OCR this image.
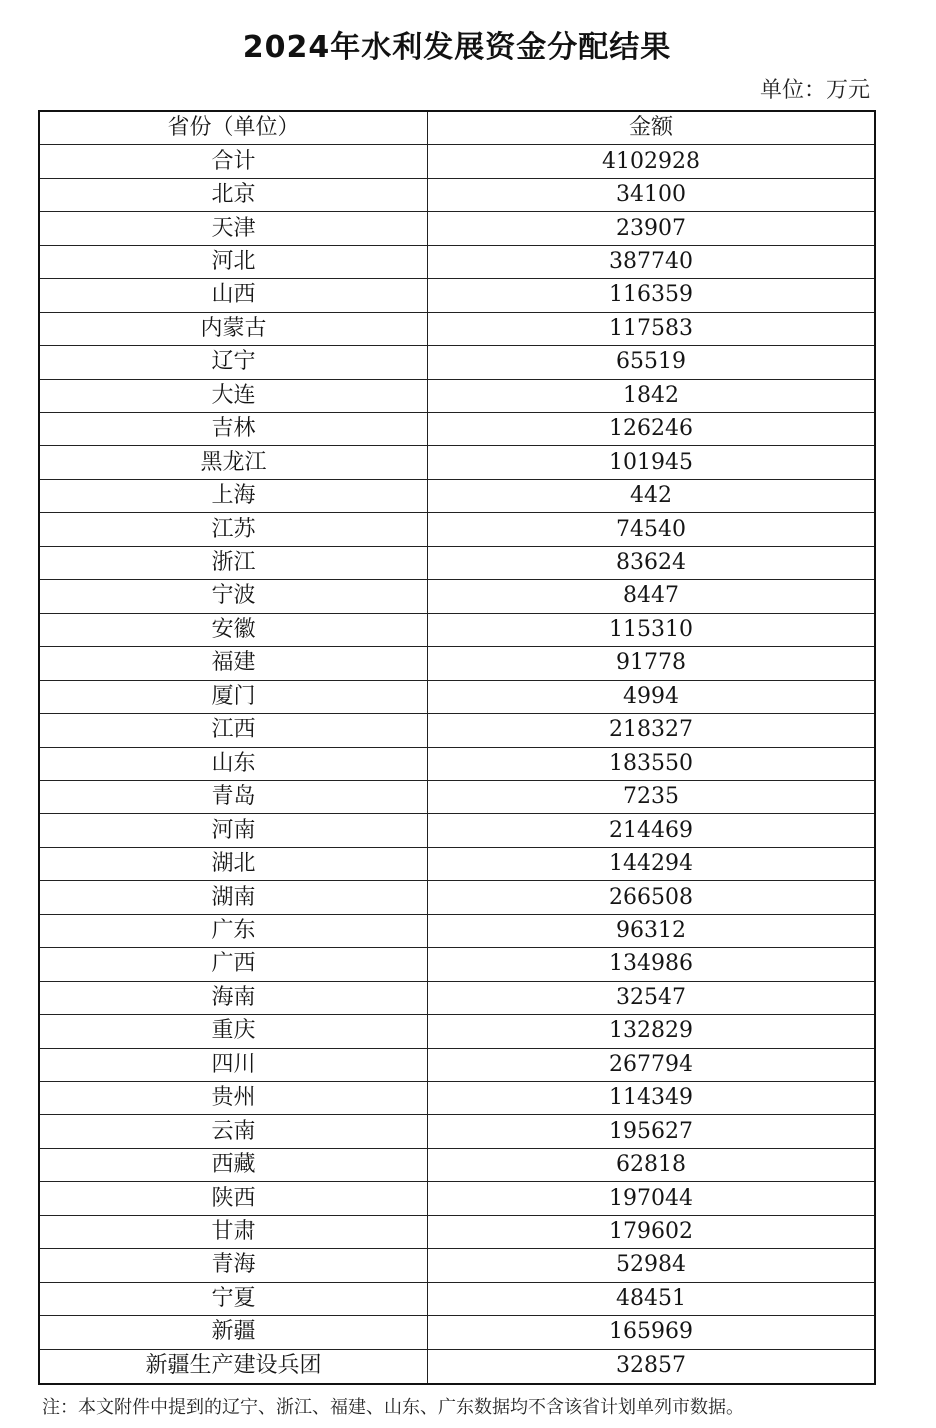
2024年水利发展资金分配结果
单位：万元
省份（单位）	金额
合计	4102928
北京	34100
天津	23907
河北	387740
山西	116359
内蒙古	117583
辽宁	65519
大连	1842
吉林	126246
黑龙江	101945
上海	442
江苏	74540
浙江	83624
宁波	8447
安徽	115310
福建	91778
厦门	4994
江西	218327
山东	183550
青岛	7235
河南	214469
湖北	144294
湖南	266508
广东	96312
广西	134986
海南	32547
重庆	132829
四川	267794
贵州	114349
云南	195627
西藏	62818
陕西	197044
甘肃	179602
青海	52984
宁夏	48451
新疆	165969
新疆生产建设兵团	32857
注：本文附件中提到的辽宁、浙江、福建、山东、广东数据均不含该省计划单列市数据。
